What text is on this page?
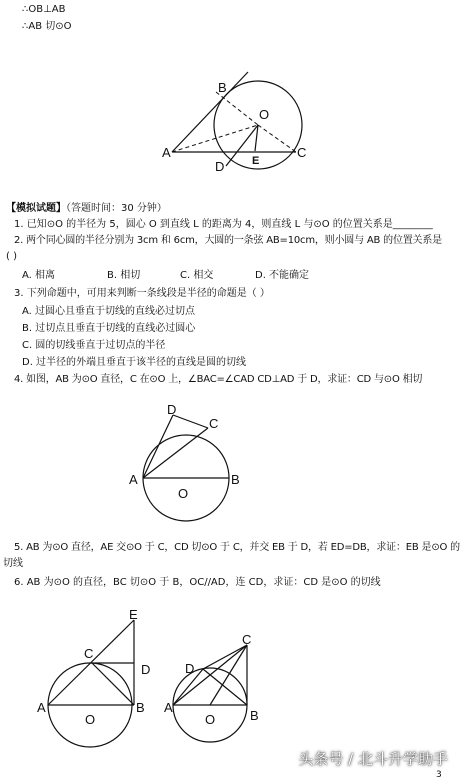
∴OB⊥AB
∴AB 切⊙O
B
O
A
D	E
C
【模拟试题】（答题时间：30 分钟）
1. 已知⊙O 的半径为 5，圆心 O 到直线 L 的距离为 4，则直线 L 与⊙O 的位置关系是________
2. 两个同心圆的半径分别为 3cm 和 6cm，大圆的一条弦 AB=10cm，则小圆与 AB 的位置关系是
( )
A. 相离	B. 相切	C. 相交	D. 不能确定
3. 下列命题中，可用来判断一条线段是半径的命题是（ ）
A. 过圆心且垂直于切线的直线必过切点
B. 过切点且垂直于切线的直线必过圆心
C. 圆的切线垂直于过切点的半径
D. 过半径的外端且垂直于该半径的直线是圆的切线
4. 如图，AB 为⊙O 直径，C 在⊙O 上，∠BAC=∠CAD CD⊥AD 于 D，求证：CD 与⊙O 相切
D
C
A
O
B
5. AB 为⊙O 直径，AE 交⊙O 于 C，CD 切⊙O 于 C，并交 EB 于 D，若 ED=DB，求证：EB 是⊙O 的
切线
6. AB 为⊙O 的直径，BC 切⊙O 于 B，OC//AD，连 CD，求证：CD 是⊙O 的切线
E
C
D
A
O
B
C
D
A
O	B
头条号 / 北斗升学助手
3
